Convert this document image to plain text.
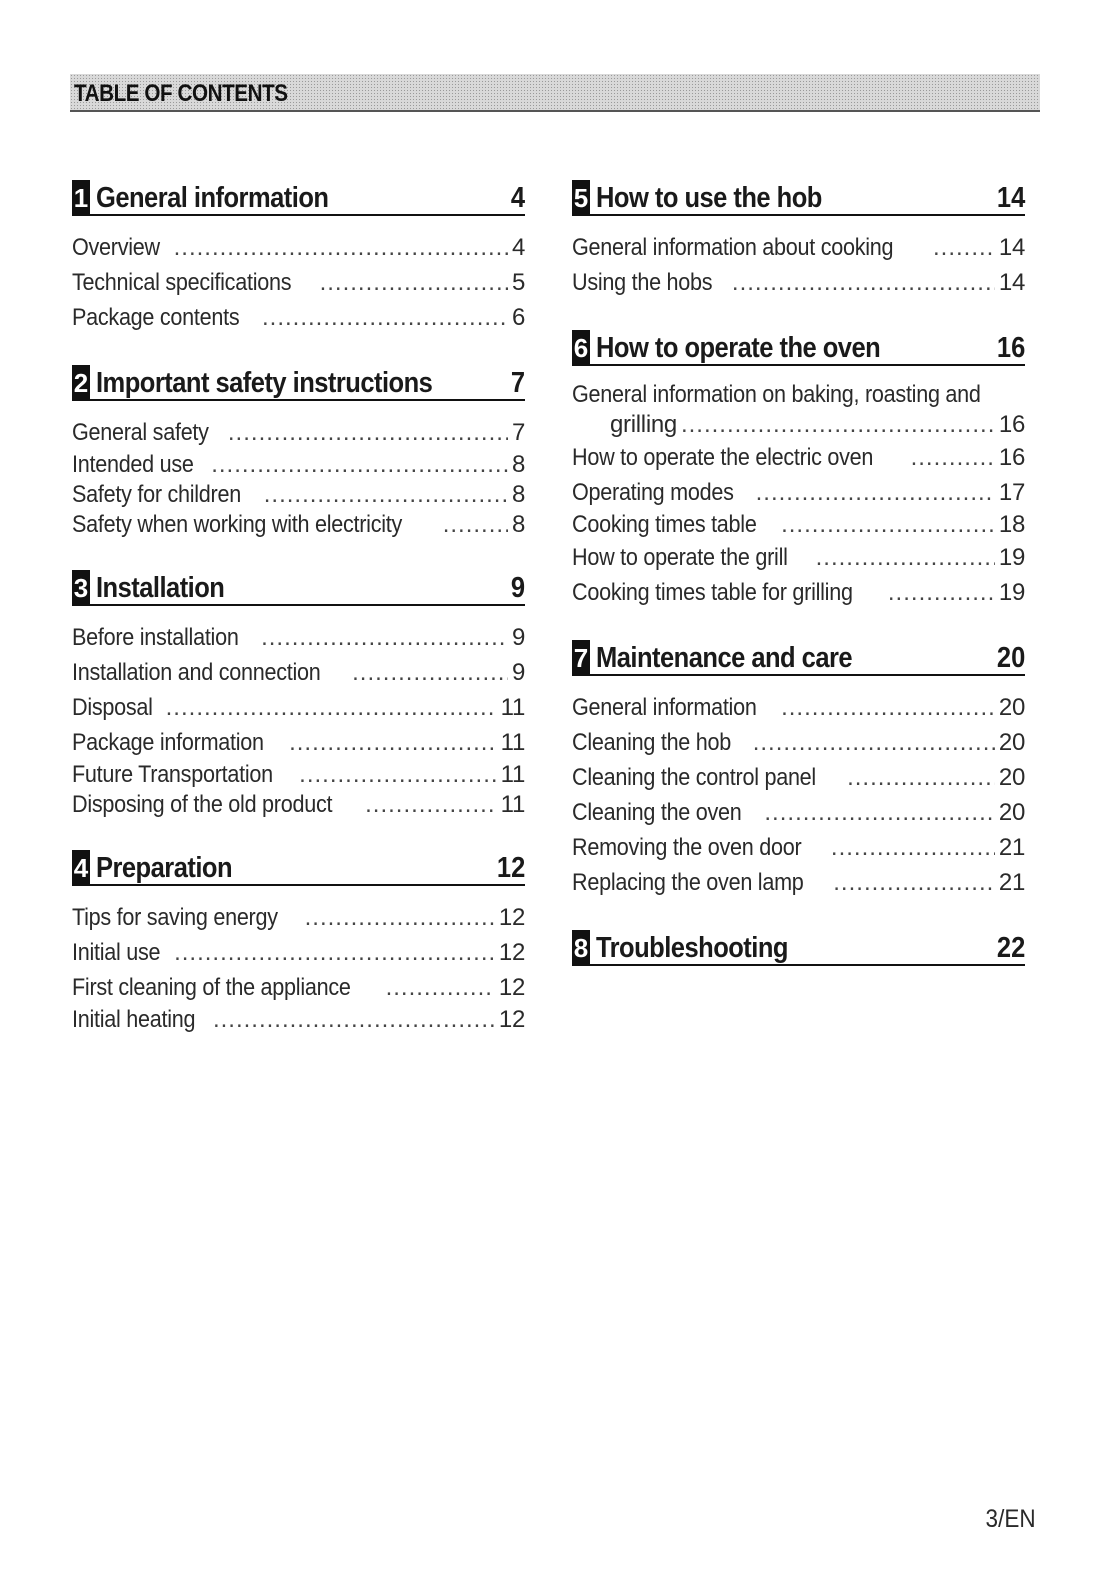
TABLE OF CONTENTS
1 General information	4
Overview .....	4
Technical specifications .....	5
Package contents .....	6
2 Important safety instructions	7
General safety .....	7
Intended use .....	8
Safety for children .....	8
Safety when working with electricity .....	8
3 Installation	9
Before installation .....	9
Installation and connection .....	9
Disposal .....	11
Package information .....	11
Future Transportation .....	11
Disposing of the old product .....	11
4 Preparation	12
Tips for saving energy .....	12
Initial use .....	12
First cleaning of the appliance .....	12
Initial heating .....	12
5 How to use the hob	14
General information about cooking .....	14
Using the hobs .....	14
6 How to operate the oven	16
General information on baking, roasting and
grilling .....	16
How to operate the electric oven .....	16
Operating modes .....	17
Cooking times table .....	18
How to operate the grill .....	19
Cooking times table for grilling .....	19
7 Maintenance and care	20
General information .....	20
Cleaning the hob .....	20
Cleaning the control panel .....	20
Cleaning the oven .....	20
Removing the oven door .....	21
Replacing the oven lamp .....	21
8 Troubleshooting	22
3/EN
